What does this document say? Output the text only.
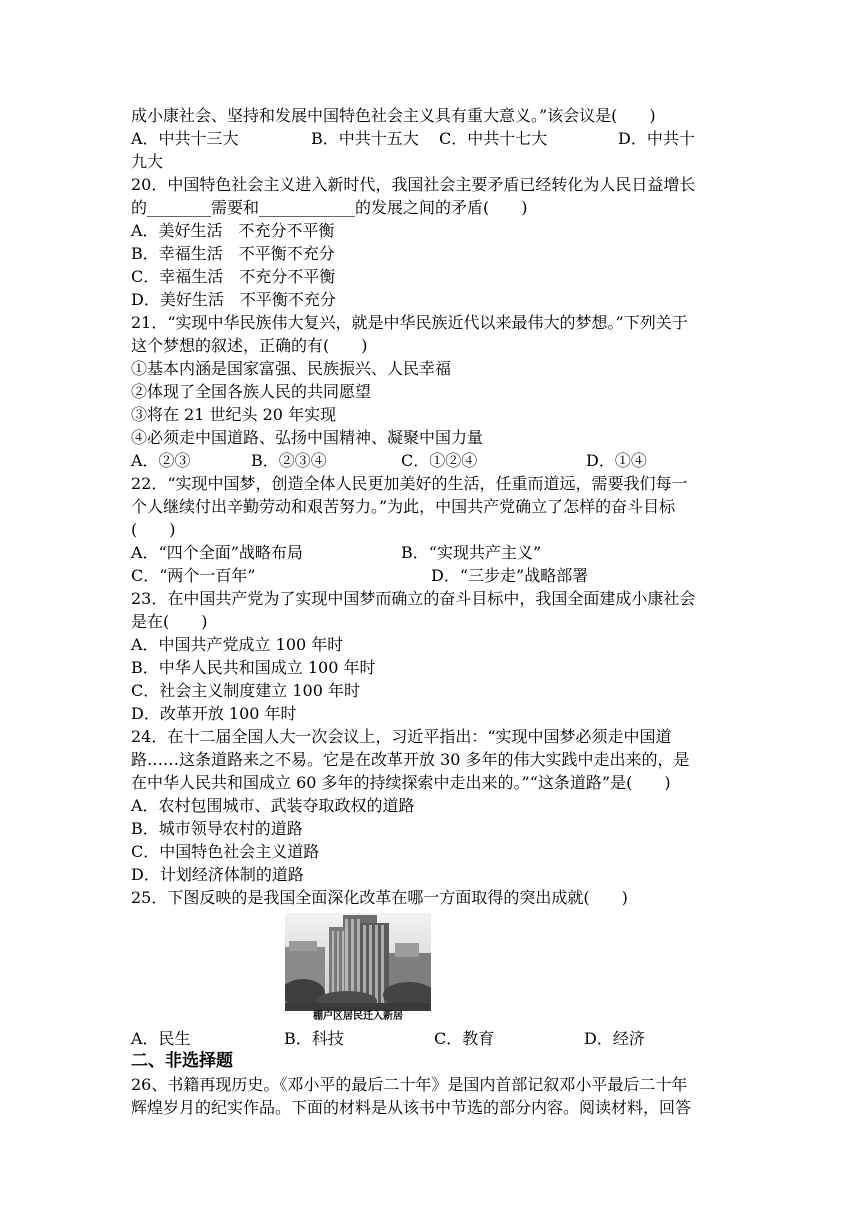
成小康社会、坚持和发展中国特色社会主义具有重大意义。”该会议是(　　)
A．中共十三大	B．中共十五大	C．中共十七大	D．中共十
九大
20．中国特色社会主义进入新时代，我国社会主要矛盾已经转化为人民日益增长
的________需要和____________的发展之间的矛盾(　　)
A．美好生活　不充分不平衡
B．幸福生活　不平衡不充分
C．幸福生活　不充分不平衡
D．美好生活　不平衡不充分
21．“实现中华民族伟大复兴，就是中华民族近代以来最伟大的梦想。”下列关于
这个梦想的叙述，正确的有(　　)
①基本内涵是国家富强、民族振兴、人民幸福
②体现了全国各族人民的共同愿望
③将在 21 世纪头 20 年实现
④必须走中国道路、弘扬中国精神、凝聚中国力量
A．②③	B．②③④	C．①②④	D．①④
22．“实现中国梦，创造全体人民更加美好的生活，任重而道远，需要我们每一
个人继续付出辛勤劳动和艰苦努力。”为此，中国共产党确立了怎样的奋斗目标
(　　)
A．“四个全面”战略布局	B．“实现共产主义”
C．“两个一百年”	D．“三步走”战略部署
23．在中国共产党为了实现中国梦而确立的奋斗目标中，我国全面建成小康社会
是在(　　)
A．中国共产党成立 100 年时
B．中华人民共和国成立 100 年时
C．社会主义制度建立 100 年时
D．改革开放 100 年时
24．在十二届全国人大一次会议上，习近平指出：“实现中国梦必须走中国道
路……这条道路来之不易。它是在改革开放 30 多年的伟大实践中走出来的，是
在中华人民共和国成立 60 多年的持续探索中走出来的。”“这条道路”是(　　)
A．农村包围城市、武装夺取政权的道路
B．城市领导农村的道路
C．中国特色社会主义道路
D．计划经济体制的道路
25．下图反映的是我国全面深化改革在哪一方面取得的突出成就(　　)
棚户区居民迁入新居
A．民生	B．科技	C．教育	D．经济
二、非选择题
26、书籍再现历史。《邓小平的最后二十年》是国内首部记叙邓小平最后二十年
辉煌岁月的纪实作品。下面的材料是从该书中节选的部分内容。阅读材料，回答
